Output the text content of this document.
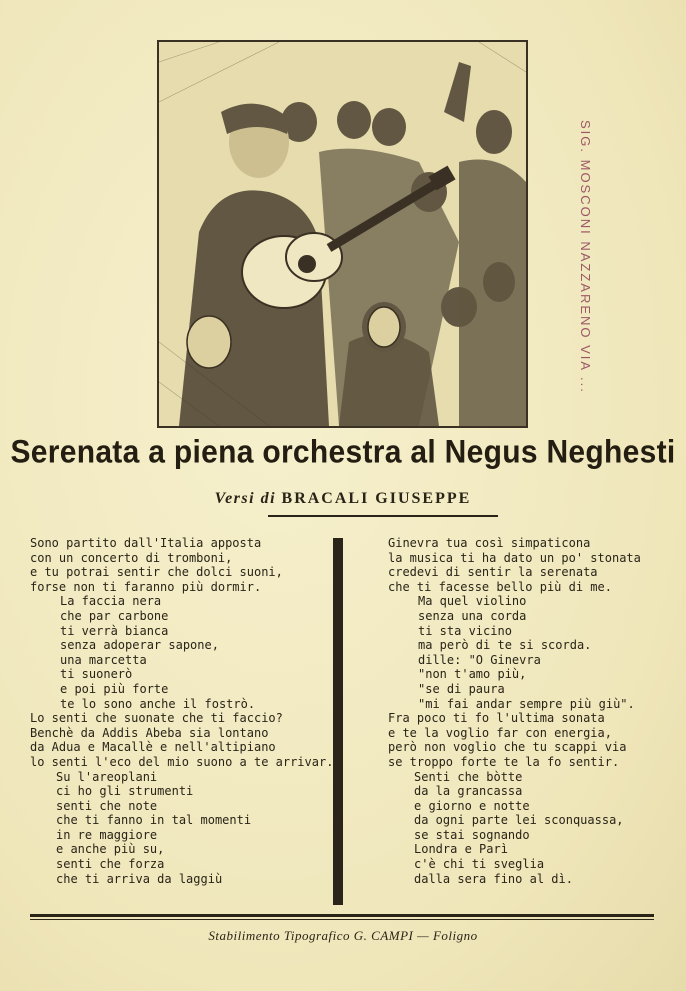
Serenata a piena orchestra al Negus Neghesti
Versi di BRACALI GIUSEPPE
Sono partito dall'Italia apposta
con un concerto di tromboni,
e tu potrai sentir che dolci suoni,
forse non ti faranno più dormir.
La faccia nera
che par carbone
ti verrà bianca
senza adoperar sapone,
una marcetta
ti suonerò
e poi più forte
te lo sono anche il fostrò.
Lo senti che suonate che ti faccio?
Benchè da Addis Abeba sia lontano
da Adua e Macallè e nell'altipiano
lo senti l'eco del mio suono a te arrivar.
Su l'areoplani
ci ho gli strumenti
senti che note
che ti fanno in tal momenti
in re maggiore
e anche più su,
senti che forza
che ti arriva da laggiù
Ginevra tua così simpaticona
la musica ti ha dato un po' stonata
credevi di sentir la serenata
che ti facesse bello più di me.
Ma quel violino
senza una corda
ti sta vicino
ma però di te si scorda.
dille: "O Ginevra
"non t'amo più,
"se di paura
"mi fai andar sempre più giù".
Fra poco ti fo l'ultima sonata
e te la voglio far con energia,
però non voglio che tu scappi via
se troppo forte te la fo sentir.
Senti che bòtte
da la grancassa
e giorno e notte
da ogni parte lei sconquassa,
se stai sognando
Londra e Parì
c'è chi ti sveglia
dalla sera fino al dì.
Stabilimento Tipografico G. CAMPI — Foligno
